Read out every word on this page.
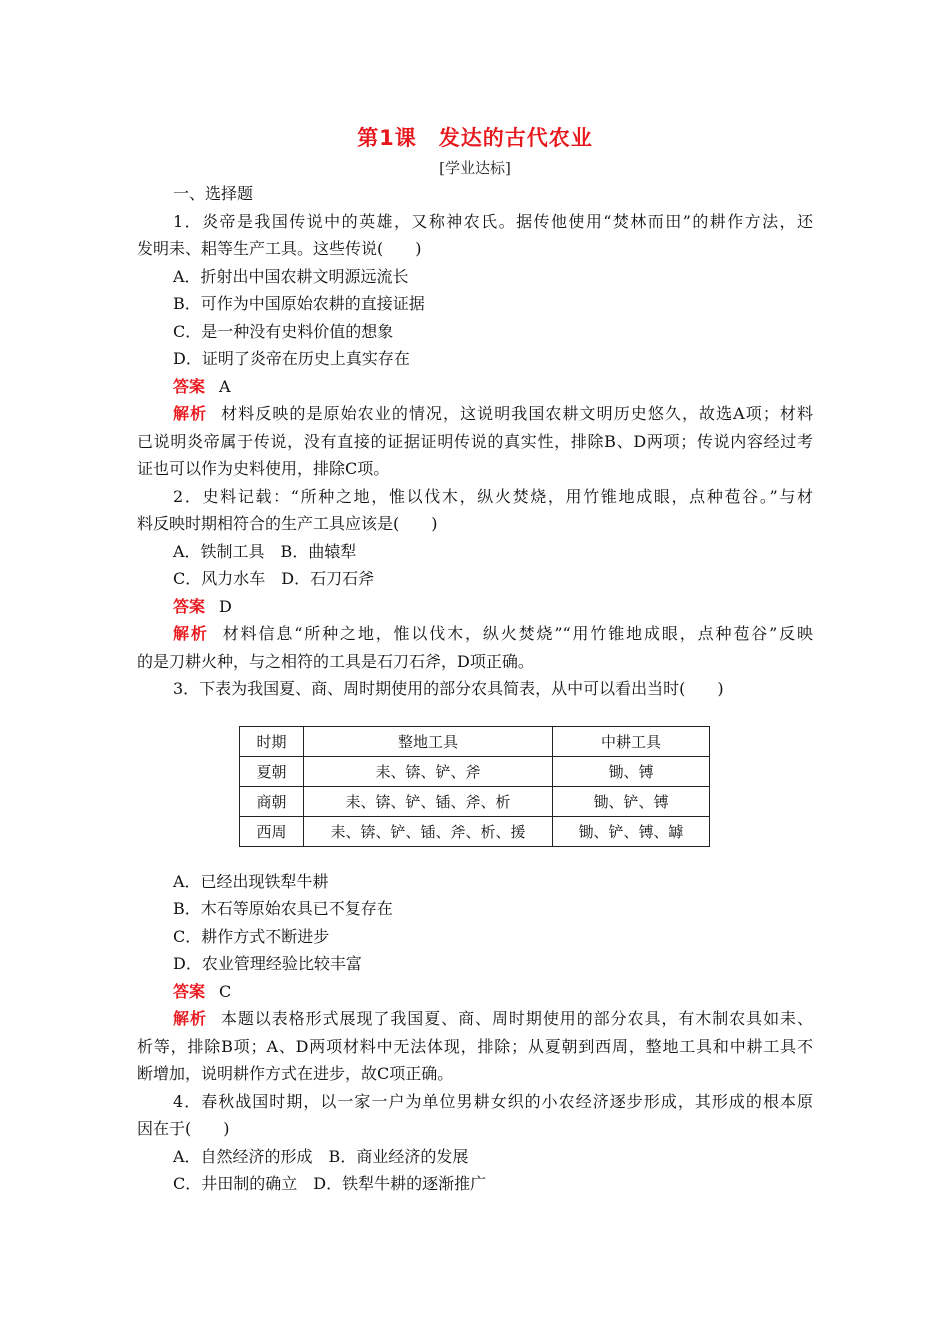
第1课　发达的古代农业
[学业达标]
一、选择题
1．炎帝是我国传说中的英雄，又称神农氏。据传他使用“焚林而田”的耕作方法，还
发明耒、耜等生产工具。这些传说(　　)
A．折射出中国农耕文明源远流长
B．可作为中国原始农耕的直接证据
C．是一种没有史料价值的想象
D．证明了炎帝在历史上真实存在
答案 A
解析 材料反映的是原始农业的情况，这说明我国农耕文明历史悠久，故选A项；材料
已说明炎帝属于传说，没有直接的证据证明传说的真实性，排除B、D两项；传说内容经过考
证也可以作为史料使用，排除C项。
2．史料记载：“所种之地，惟以伐木，纵火焚烧，用竹锥地成眼，点种苞谷。”与材
料反映时期相符合的生产工具应该是(　　)
A．铁制工具　B．曲辕犁
C．风力水车　D．石刀石斧
答案 D
解析 材料信息“所种之地，惟以伐木，纵火焚烧”“用竹锥地成眼，点种苞谷”反映
的是刀耕火种，与之相符的工具是石刀石斧，D项正确。
3．下表为我国夏、商、周时期使用的部分农具简表，从中可以看出当时(　　)
时期	整地工具	中耕工具
夏朝	耒、锛、铲、斧	锄、镈
商朝	耒、锛、铲、锸、斧、析	锄、铲、镈
西周	耒、锛、铲、锸、斧、析、援	锄、铲、镈、罅
A．已经出现铁犁牛耕
B．木石等原始农具已不复存在
C．耕作方式不断进步
D．农业管理经验比较丰富
答案 C
解析 本题以表格形式展现了我国夏、商、周时期使用的部分农具，有木制农具如耒、
析等，排除B项；A、D两项材料中无法体现，排除；从夏朝到西周，整地工具和中耕工具不
断增加，说明耕作方式在进步，故C项正确。
4．春秋战国时期，以一家一户为单位男耕女织的小农经济逐步形成，其形成的根本原
因在于(　　)
A．自然经济的形成　B．商业经济的发展
C．井田制的确立　D．铁犁牛耕的逐渐推广
